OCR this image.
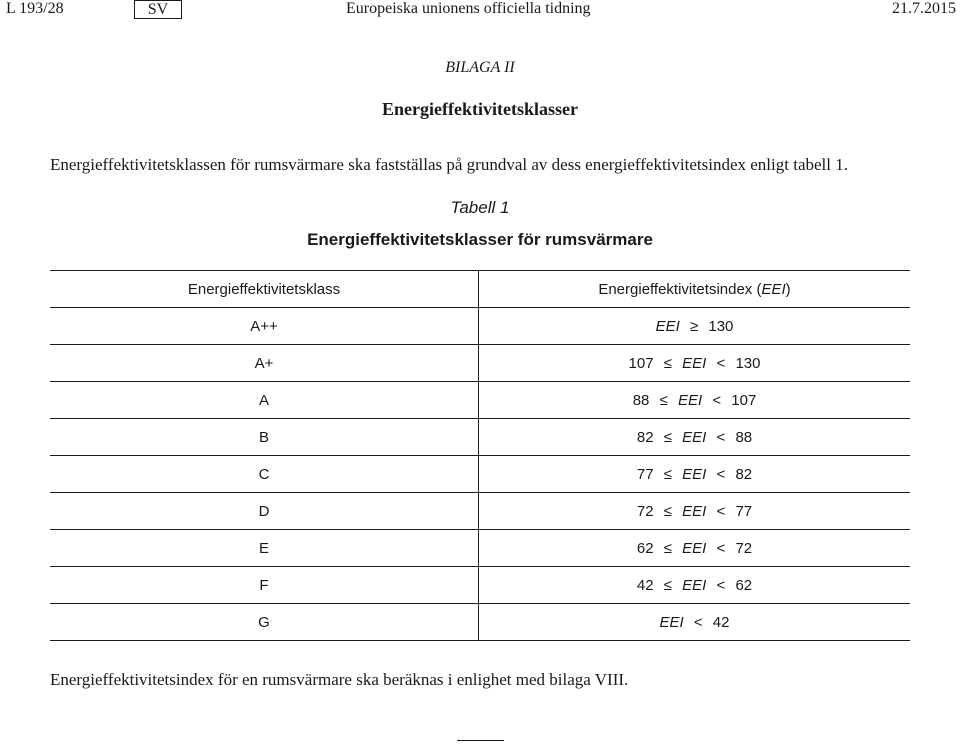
L 193/28	SV	Europeiska unionens officiella tidning	21.7.2015
BILAGA II
Energieffektivitetsklasser
Energieffektivitetsklassen för rumsvärmare ska fastställas på grundval av dess energieffektivitetsindex enligt tabell 1.
Tabell 1
Energieffektivitetsklasser för rumsvärmare
Energieffektivitetsklass	Energieffektivitetsindex (EEI)
A++	EEI ≥ 130
A+	107 ≤ EEI < 130
A	88 ≤ EEI < 107
B	82 ≤ EEI < 88
C	77 ≤ EEI < 82
D	72 ≤ EEI < 77
E	62 ≤ EEI < 72
F	42 ≤ EEI < 62
G	EEI < 42
Energieffektivitetsindex för en rumsvärmare ska beräknas i enlighet med bilaga VIII.
